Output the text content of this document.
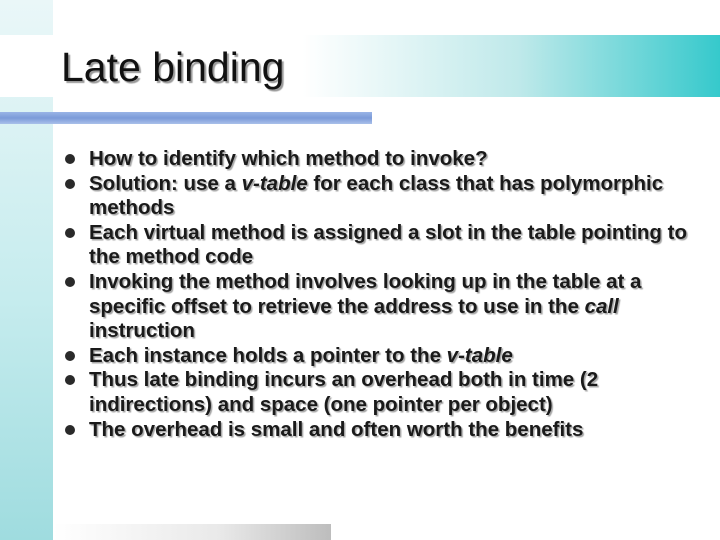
Late binding
How to identify which method to invoke?
Solution: use a v-table for each class that has polymorphic methods
Each virtual method is assigned a slot in the table pointing to the method code
Invoking the method involves looking up in the table at a specific offset to retrieve the address to use in the call instruction
Each instance holds a pointer to the v-table
Thus late binding incurs an overhead both in time (2 indirections) and space (one pointer per object)
The overhead is small and often worth the benefits
